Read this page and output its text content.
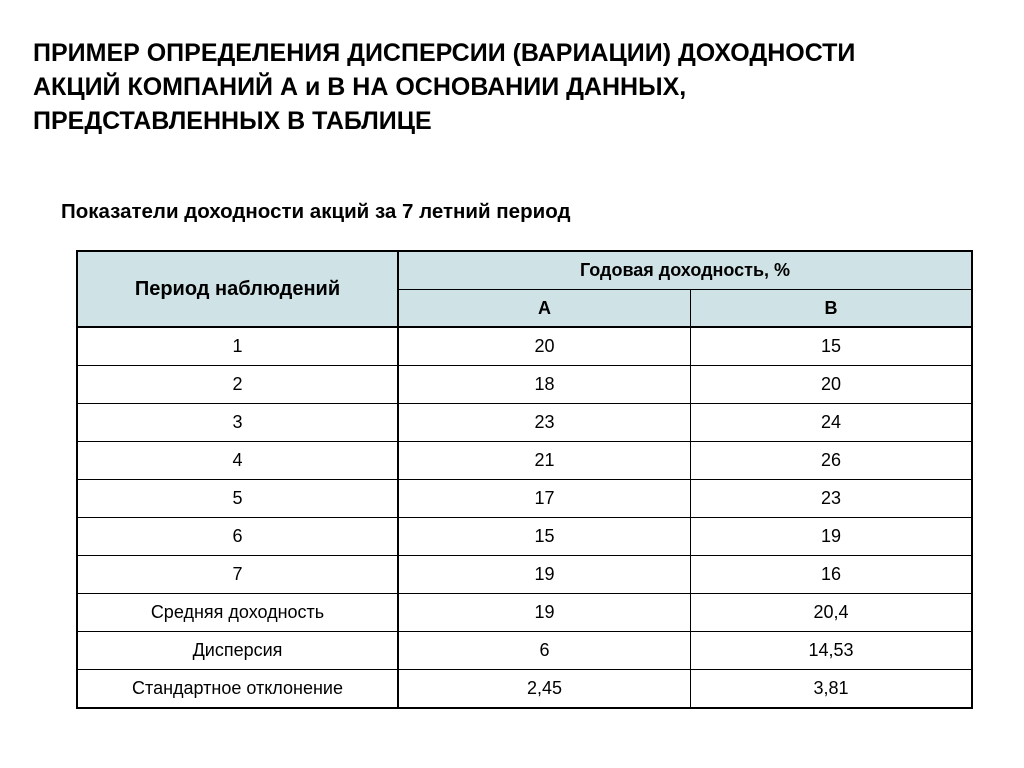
ПРИМЕР ОПРЕДЕЛЕНИЯ ДИСПЕРСИИ (ВАРИАЦИИ) ДОХОДНОСТИ
АКЦИЙ КОМПАНИЙ А и В НА ОСНОВАНИИ ДАННЫХ,
ПРЕДСТАВЛЕННЫХ В ТАБЛИЦЕ

Показатели доходности акций за 7 летний период

Период наблюдений	Годовая доходность, %	
	А	В
1	20	15
2	18	20
3	23	24
4	21	26
5	17	23
6	15	19
7	19	16
Средняя доходность	19	20,4
Дисперсия	6	14,53
Стандартное отклонение	2,45	3,81
